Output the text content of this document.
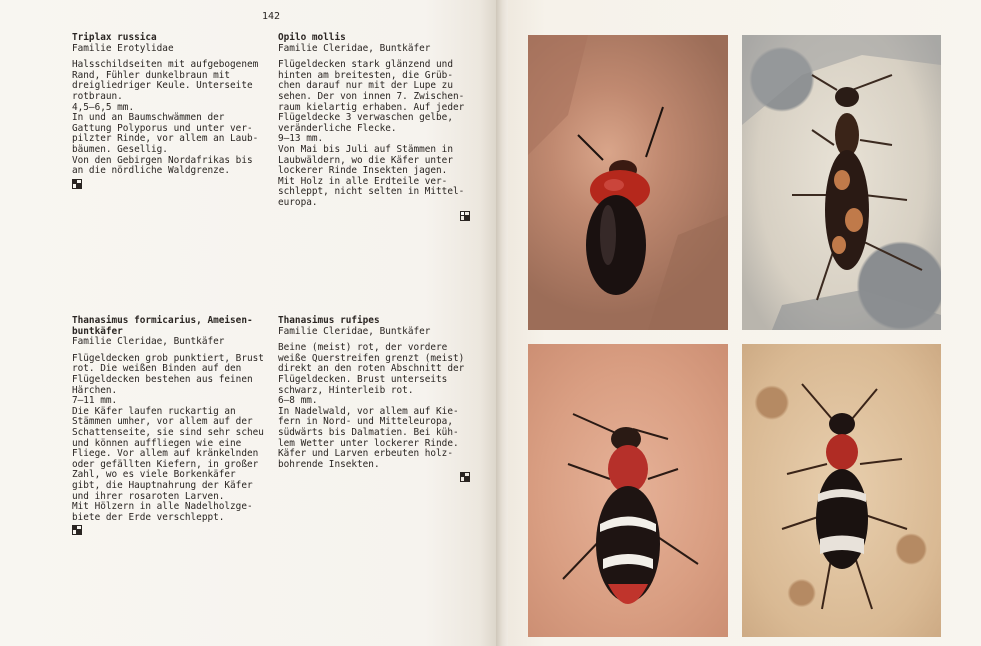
142
Triplax russica
Familie Erotylidae
Halsschildseiten mit aufgebogenem
Rand, Fühler dunkelbraun mit
dreigliedriger Keule. Unterseite
rotbraun.
4,5–6,5 mm.
In und an Baumschwämmen der
Gattung Polyporus und unter ver-
pilzter Rinde, vor allem an Laub-
bäumen. Gesellig.
Von den Gebirgen Nordafrikas bis
an die nördliche Waldgrenze.
Opilo mollis
Familie Cleridae, Buntkäfer
Flügeldecken stark glänzend und
hinten am breitesten, die Grüb-
chen darauf nur mit der Lupe zu
sehen. Der von innen 7. Zwischen-
raum kielartig erhaben. Auf jeder
Flügeldecke 3 verwaschen gelbe,
veränderliche Flecke.
9–13 mm.
Von Mai bis Juli auf Stämmen in
Laubwäldern, wo die Käfer unter
lockerer Rinde Insekten jagen.
Mit Holz in alle Erdteile ver-
schleppt, nicht selten in Mittel-
europa.
Thanasimus formicarius, Ameisen-
buntkäfer
Familie Cleridae, Buntkäfer
Flügeldecken grob punktiert, Brust
rot. Die weißen Binden auf den
Flügeldecken bestehen aus feinen
Härchen.
7–11 mm.
Die Käfer laufen ruckartig an
Stämmen umher, vor allem auf der
Schattenseite, sie sind sehr scheu
und können auffliegen wie eine
Fliege. Vor allem auf kränkelnden
oder gefällten Kiefern, in großer
Zahl, wo es viele Borkenkäfer
gibt, die Hauptnahrung der Käfer
und ihrer rosaroten Larven.
Mit Hölzern in alle Nadelholzge-
biete der Erde verschleppt.
Thanasimus rufipes
Familie Cleridae, Buntkäfer
Beine (meist) rot, der vordere
weiße Querstreifen grenzt (meist)
direkt an den roten Abschnitt der
Flügeldecken. Brust unterseits
schwarz, Hinterleib rot.
6–8 mm.
In Nadelwald, vor allem auf Kie-
fern in Nord- und Mitteleuropa,
südwärts bis Dalmatien. Bei küh-
lem Wetter unter lockerer Rinde.
Käfer und Larven erbeuten holz-
bohrende Insekten.
